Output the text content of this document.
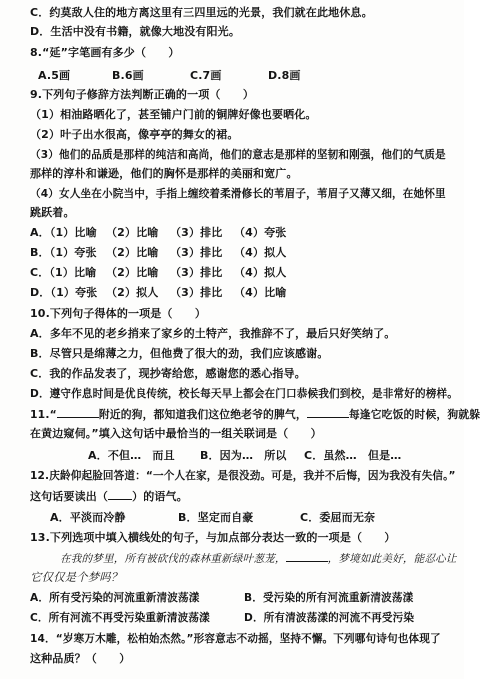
C．约莫敌人住的地方离这里有三四里远的光景，我们就在此地休息。
D．生活中没有书籍，就像大地没有阳光。
8.“延”字笔画有多少（　　）
A.5画	B.6画	C.7画	D.8画
9.下列句子修辞方法判断正确的一项（　　）
（1）相油路晒化了，甚至铺户门前的铜牌好像也要晒化。
（2）叶子出水很高，像亭亭的舞女的裙。
（3）他们的品质是那样的纯洁和高尚，他们的意志是那样的坚韧和刚强，他们的气质是
那样的淳朴和谦逊，他们的胸怀是那样的美丽和宽广。
（4）女人坐在小院当中，手指上缠绞着柔滑修长的苇眉子，苇眉子又薄又细，在她怀里
跳跃着。
A．（1）比喻 （2）比喻 （3）排比 （4）夸张
B．（1）夸张 （2）比喻 （3）排比 （4）拟人
C．（1）比喻 （2）比喻 （3）排比 （4）拟人
D．（1）夸张 （2）拟人 （3）排比 （4）比喻
10.下列句子得体的一项是（　　）
A．多年不见的老乡捎来了家乡的土特产，我推辞不了，最后只好笑纳了。
B．尽管只是绵薄之力，但他费了很大的劲，我们应该感谢。
C．我的作品发表了，现抄寄给您，感谢您的悉心指导。
D．遵守作息时间是优良传统，校长每天早上都会在门口恭候我们到校，是非常好的榜样。
11.“	附近的狗，都知道我们这位绝老爷的脾气，	每逢它吃饭的时候，狗就躲
在黄边窥伺。”填入这句话中最恰当的一组关联词是（　　）
A．不但…　而且 B．因为…　所以 C．虽然…　但是…
12.庆龄仰起脸回答道：“一个人在家，是很没劲。可是，我并不后悔，因为我没有失信。”
这句话要读出（ ）的语气。
A．平淡而冷静	B．坚定而自豪	C．委屈而无奈
13.下列选项中填入横线处的句子，与加点部分表达一致的一项是（　　）
在我的梦里，所有被砍伐的森林重新绿叶葱茏，	，梦境如此美好，能忍心让
它仅仅是个梦吗？
A．所有受污染的河流重新清波荡漾	B．受污染的所有河流重新清波荡漾
C．所有河流不再受污染重新清波荡漾	D．所有清波荡漾的河流不再受污染
14．“岁寒万木雕，松柏始杰然。”形容意志不动摇，坚持不懈。下列哪句诗句也体现了
这种品质？（　　）
